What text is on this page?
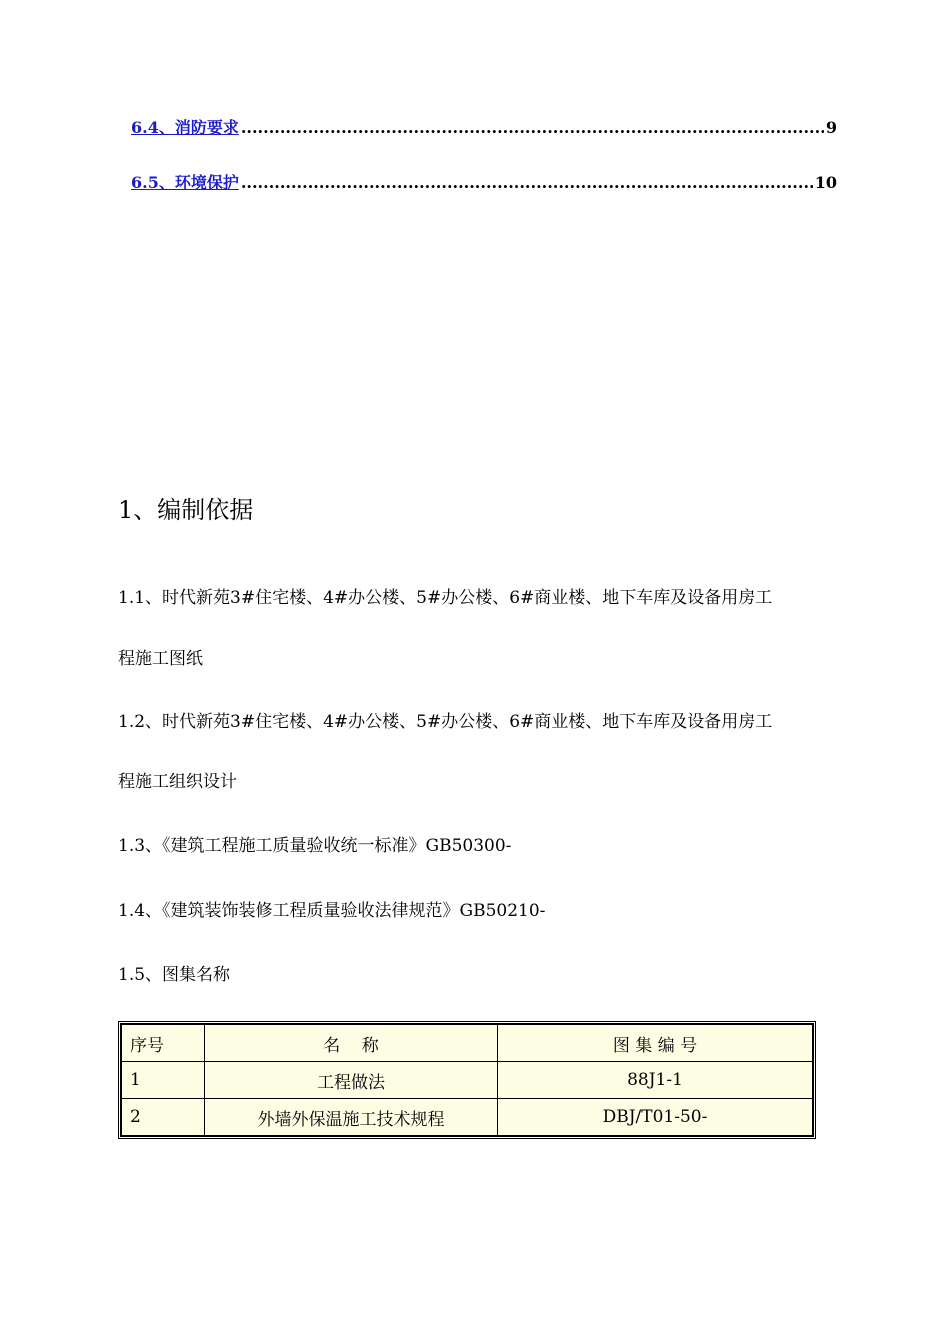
6.4、消防要求 .....	9
6.5、环境保护 .....	10
1、编制依据
1.1、时代新苑3#住宅楼、4#办公楼、5#办公楼、6#商业楼、地下车库及设备用房工
程施工图纸
1.2、时代新苑3#住宅楼、4#办公楼、5#办公楼、6#商业楼、地下车库及设备用房工
程施工组织设计
1.3、《建筑工程施工质量验收统一标准》GB50300-
1.4、《建筑装饰装修工程质量验收法律规范》GB50210-
1.5、图集名称
序号	名    称	图 集 编 号
1	工程做法	88J1-1
2	外墙外保温施工技术规程	DBJ/T01-50-
